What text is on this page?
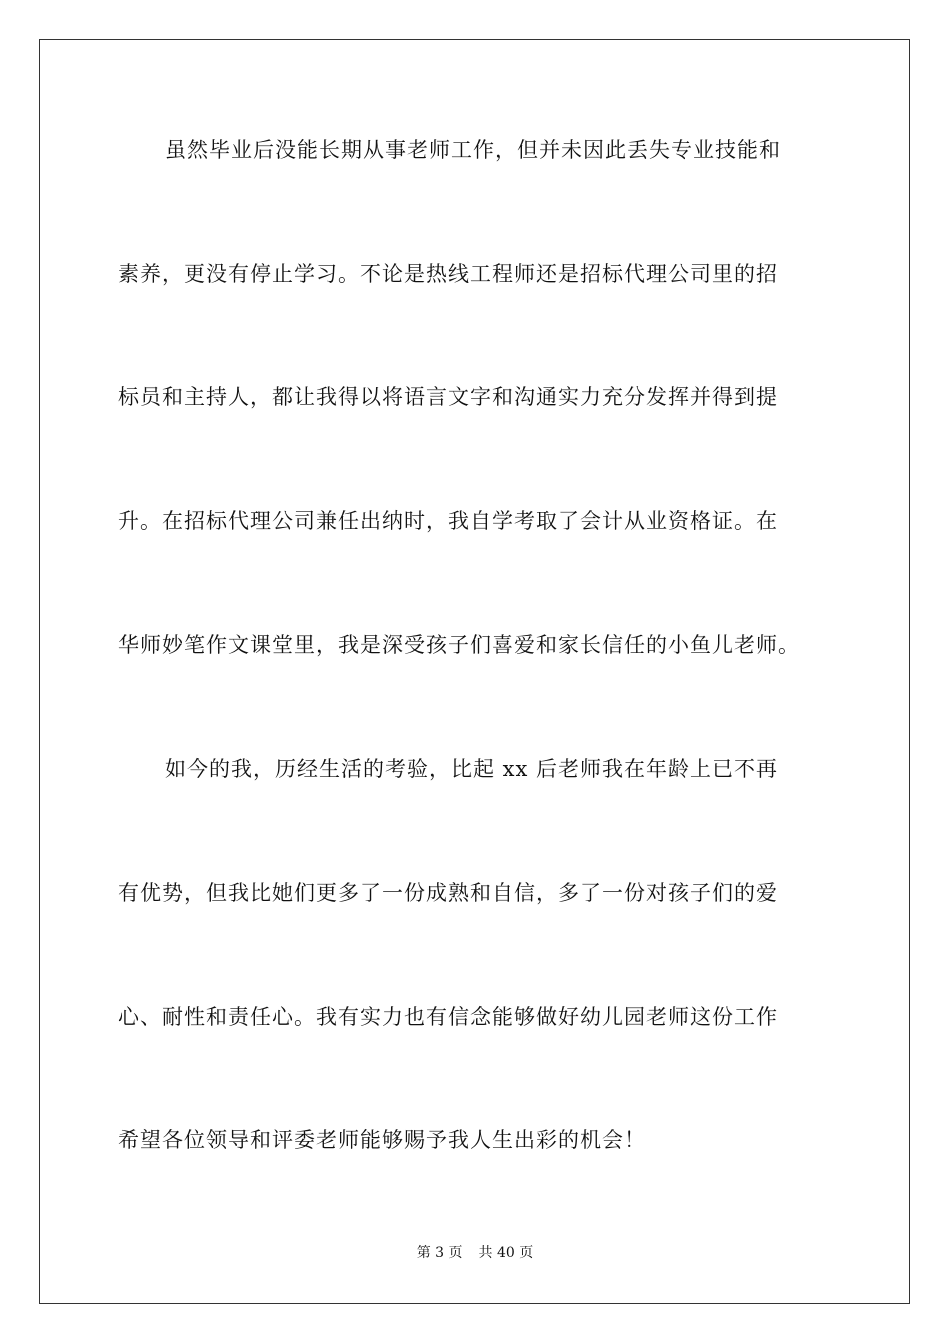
虽然毕业后没能长期从事老师工作，但并未因此丢失专业技能和
素养，更没有停止学习。不论是热线工程师还是招标代理公司里的招
标员和主持人，都让我得以将语言文字和沟通实力充分发挥并得到提
升。在招标代理公司兼任出纳时，我自学考取了会计从业资格证。在
华师妙笔作文课堂里，我是深受孩子们喜爱和家长信任的小鱼儿老师。
如今的我，历经生活的考验，比起 xx 后老师我在年龄上已不再
有优势，但我比她们更多了一份成熟和自信，多了一份对孩子们的爱
心、耐性和责任心。我有实力也有信念能够做好幼儿园老师这份工作
希望各位领导和评委老师能够赐予我人生出彩的机会！
第 3 页 共 40 页
